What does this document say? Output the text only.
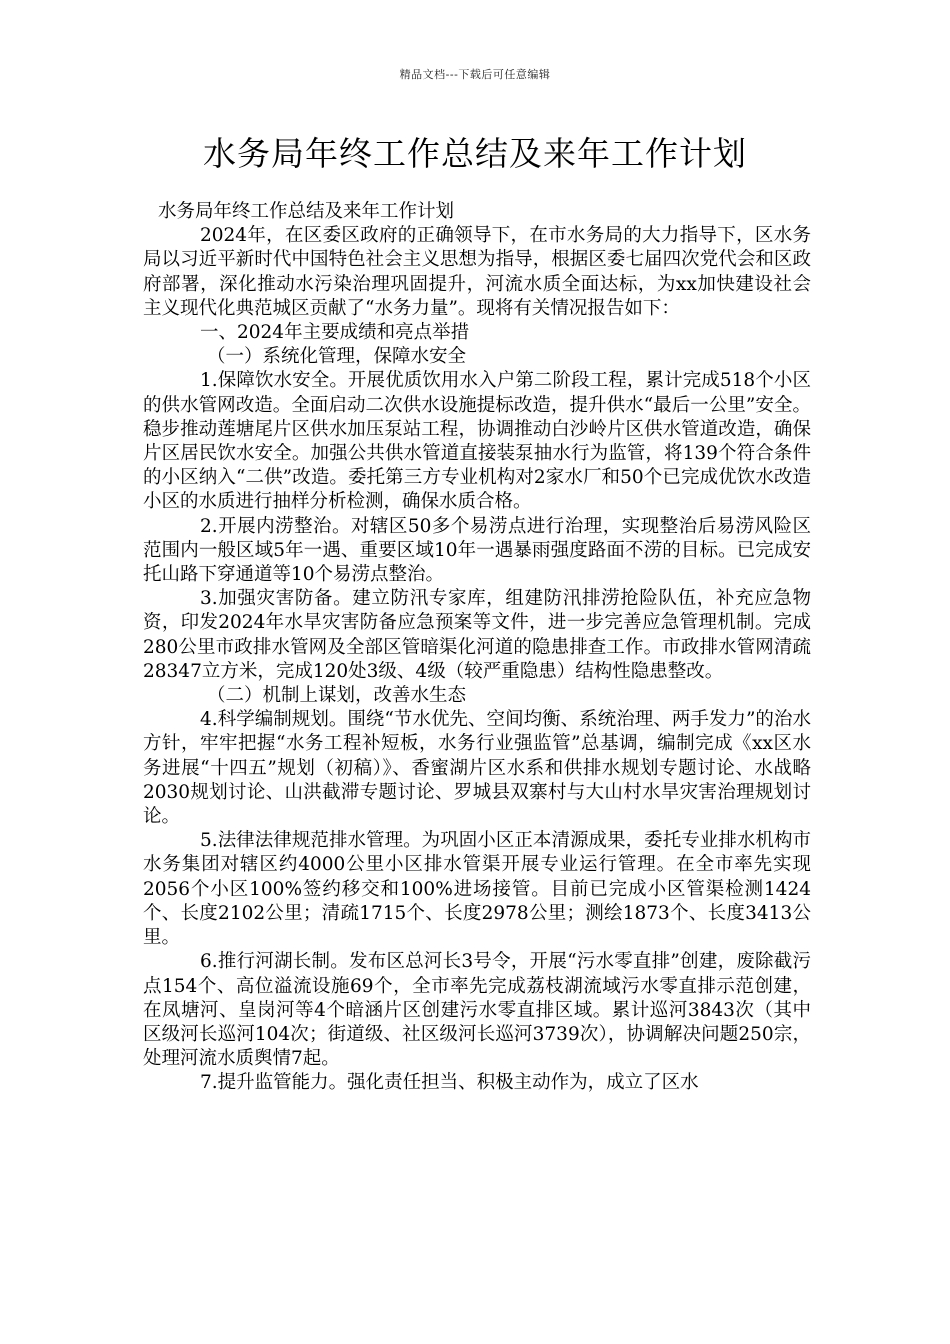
精品文档---下载后可任意编辑
水务局年终工作总结及来年工作计划

水务局年终工作总结及来年工作计划

2024年，在区委区政府的正确领导下，在市水务局的大力指导下，区水务局以习近平新时代中国特色社会主义思想为指导，根据区委七届四次党代会和区政府部署，深化推动水污染治理巩固提升，河流水质全面达标，为xx加快建设社会主义现代化典范城区贡献了“水务力量”。现将有关情况报告如下：

一、2024年主要成绩和亮点举措

（一）系统化管理，保障水安全

1.保障饮水安全。开展优质饮用水入户第二阶段工程，累计完成518个小区的供水管网改造。全面启动二次供水设施提标改造，提升供水“最后一公里”安全。稳步推动莲塘尾片区供水加压泵站工程，协调推动白沙岭片区供水管道改造，确保片区居民饮水安全。加强公共供水管道直接装泵抽水行为监管，将139个符合条件的小区纳入“二供”改造。委托第三方专业机构对2家水厂和50个已完成优饮水改造小区的水质进行抽样分析检测，确保水质合格。

2.开展内涝整治。对辖区50多个易涝点进行治理，实现整治后易涝风险区范围内一般区域5年一遇、重要区域10年一遇暴雨强度路面不涝的目标。已完成安托山路下穿通道等10个易涝点整治。

3.加强灾害防备。建立防汛专家库，组建防汛排涝抢险队伍，补充应急物资，印发2024年水旱灾害防备应急预案等文件，进一步完善应急管理机制。完成280公里市政排水管网及全部区管暗渠化河道的隐患排查工作。市政排水管网清疏28347立方米，完成120处3级、4级（较严重隐患）结构性隐患整改。

（二）机制上谋划，改善水生态

4.科学编制规划。围绕“节水优先、空间均衡、系统治理、两手发力”的治水方针，牢牢把握“水务工程补短板，水务行业强监管”总基调，编制完成《xx区水务进展“十四五”规划（初稿）》、香蜜湖片区水系和供排水规划专题讨论、水战略2030规划讨论、山洪截滞专题讨论、罗城县双寨村与大山村水旱灾害治理规划讨论。

5.法律法律规范排水管理。为巩固小区正本清源成果，委托专业排水机构市水务集团对辖区约4000公里小区排水管渠开展专业运行管理。在全市率先实现2056个小区100%签约移交和100%进场接管。目前已完成小区管渠检测1424个、长度2102公里；清疏1715个、长度2978公里；测绘1873个、长度3413公里。

6.推行河湖长制。发布区总河长3号令，开展“污水零直排”创建，废除截污点154个、高位溢流设施69个，全市率先完成荔枝湖流域污水零直排示范创建，在凤塘河、皇岗河等4个暗涵片区创建污水零直排区域。累计巡河3843次（其中区级河长巡河104次；街道级、社区级河长巡河3739次），协调解决问题250宗，处理河流水质舆情7起。

7.提升监管能力。强化责任担当、积极主动作为，成立了区水
